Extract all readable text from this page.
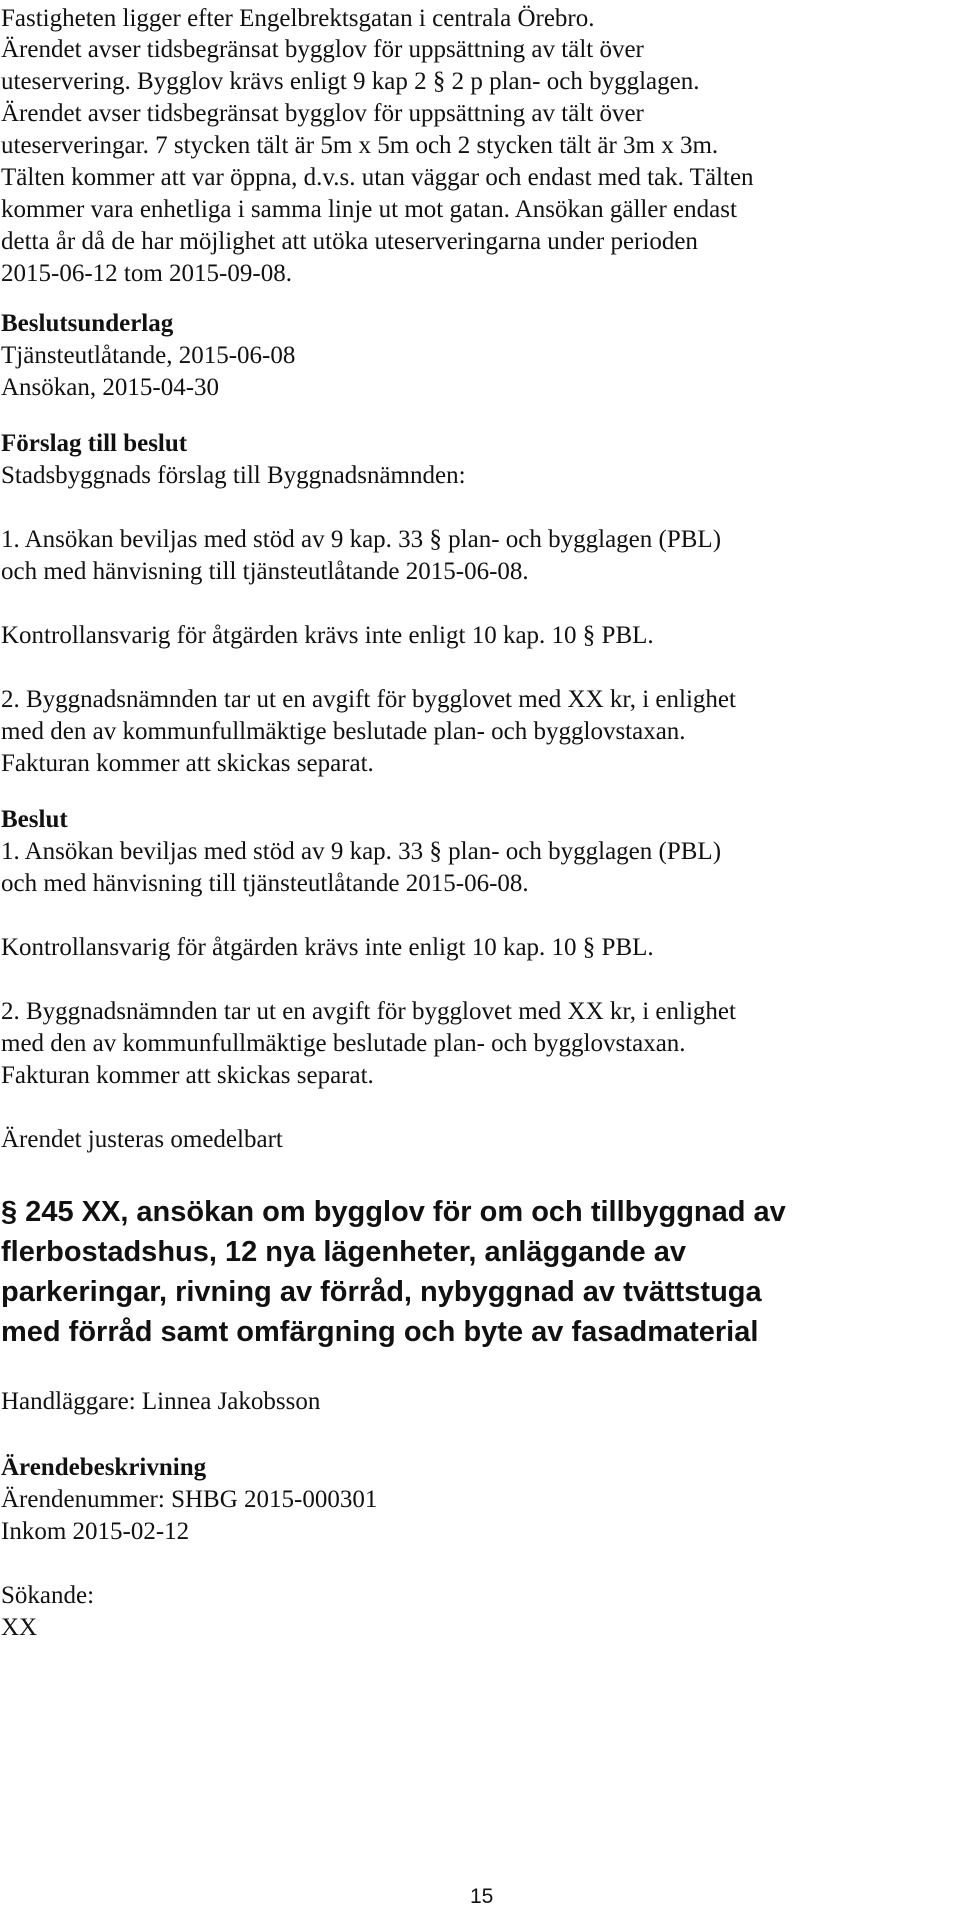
Fastigheten ligger efter Engelbrektsgatan i centrala Örebro.
Ärendet avser tidsbegränsat bygglov för uppsättning av tält över
uteservering. Bygglov krävs enligt 9 kap 2 § 2 p plan- och bygglagen.
Ärendet avser tidsbegränsat bygglov för uppsättning av tält över
uteserveringar. 7 stycken tält är 5m x 5m och 2 stycken tält är 3m x 3m.
Tälten kommer att var öppna, d.v.s. utan väggar och endast med tak. Tälten
kommer vara enhetliga i samma linje ut mot gatan. Ansökan gäller endast
detta år då de har möjlighet att utöka uteserveringarna under perioden
2015-06-12 tom 2015-09-08.
Beslutsunderlag
Tjänsteutlåtande, 2015-06-08
Ansökan, 2015-04-30
Förslag till beslut
Stadsbyggnads förslag till Byggnadsnämnden:
1. Ansökan beviljas med stöd av 9 kap. 33 § plan- och bygglagen (PBL)
och med hänvisning till tjänsteutlåtande 2015-06-08.
Kontrollansvarig för åtgärden krävs inte enligt 10 kap. 10 § PBL.
2. Byggnadsnämnden tar ut en avgift för bygglovet med XX kr, i enlighet
med den av kommunfullmäktige beslutade plan- och bygglovstaxan.
Fakturan kommer att skickas separat.
Beslut
1. Ansökan beviljas med stöd av 9 kap. 33 § plan- och bygglagen (PBL)
och med hänvisning till tjänsteutlåtande 2015-06-08.
Kontrollansvarig för åtgärden krävs inte enligt 10 kap. 10 § PBL.
2. Byggnadsnämnden tar ut en avgift för bygglovet med XX kr, i enlighet
med den av kommunfullmäktige beslutade plan- och bygglovstaxan.
Fakturan kommer att skickas separat.
Ärendet justeras omedelbart
§ 245 XX, ansökan om bygglov för om och tillbyggnad av
flerbostadshus, 12 nya lägenheter, anläggande av
parkeringar, rivning av förråd, nybyggnad av tvättstuga
med förråd samt omfärgning och byte av fasadmaterial
Handläggare: Linnea Jakobsson
Ärendebeskrivning
Ärendenummer: SHBG 2015-000301
Inkom 2015-02-12
Sökande:
XX
15
